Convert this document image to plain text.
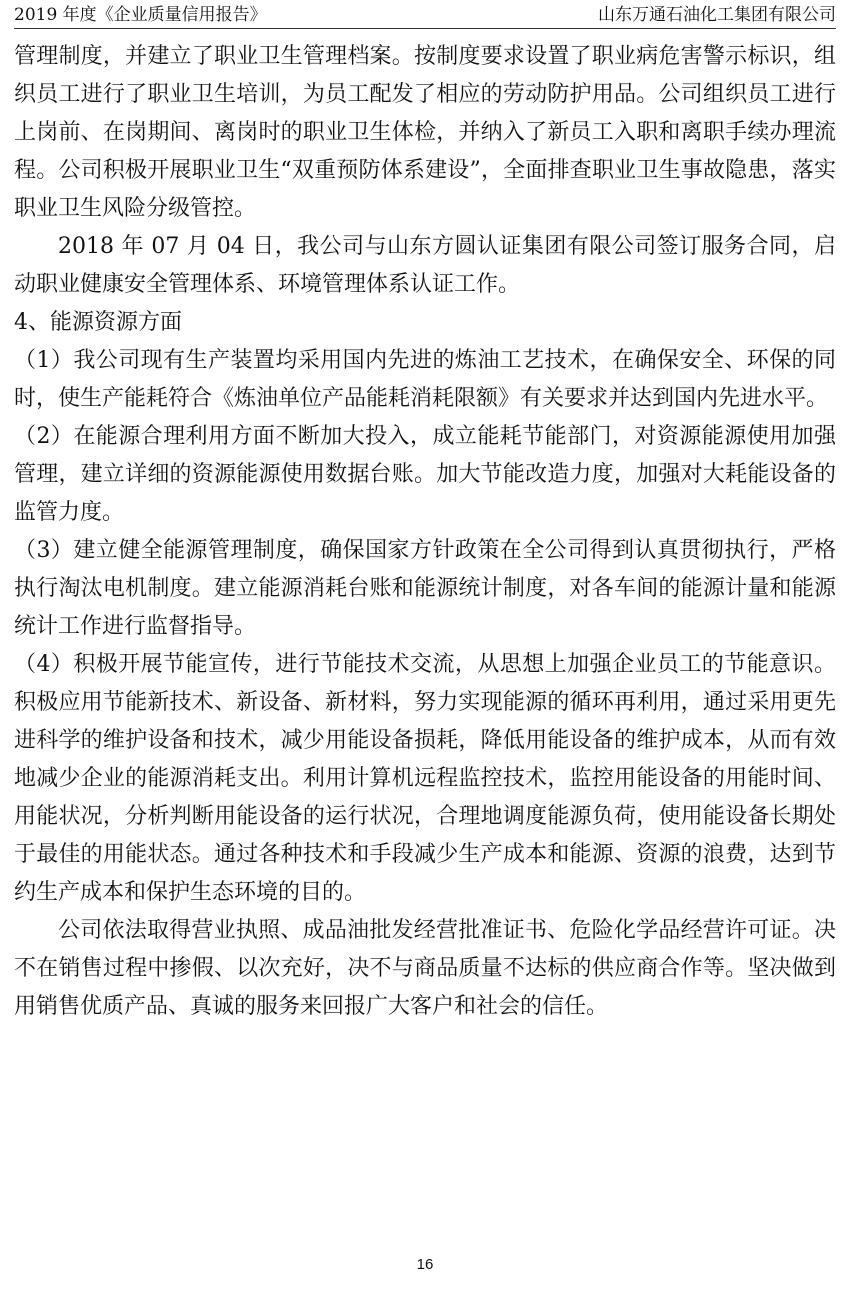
2019 年度《企业质量信用报告》	山东万通石油化工集团有限公司

管理制度，并建立了职业卫生管理档案。按制度要求设置了职业病危害警示标识，组织员工进行了职业卫生培训，为员工配发了相应的劳动防护用品。公司组织员工进行上岗前、在岗期间、离岗时的职业卫生体检，并纳入了新员工入职和离职手续办理流程。公司积极开展职业卫生“双重预防体系建设”，全面排查职业卫生事故隐患，落实职业卫生风险分级管控。

2018 年 07 月 04 日，我公司与山东方圆认证集团有限公司签订服务合同，启动职业健康安全管理体系、环境管理体系认证工作。

4、能源资源方面

（1）我公司现有生产装置均采用国内先进的炼油工艺技术，在确保安全、环保的同时，使生产能耗符合《炼油单位产品能耗消耗限额》有关要求并达到国内先进水平。

（2）在能源合理利用方面不断加大投入，成立能耗节能部门，对资源能源使用加强管理，建立详细的资源能源使用数据台账。加大节能改造力度，加强对大耗能设备的监管力度。

（3）建立健全能源管理制度，确保国家方针政策在全公司得到认真贯彻执行，严格执行淘汰电机制度。建立能源消耗台账和能源统计制度，对各车间的能源计量和能源统计工作进行监督指导。

（4）积极开展节能宣传，进行节能技术交流，从思想上加强企业员工的节能意识。积极应用节能新技术、新设备、新材料，努力实现能源的循环再利用，通过采用更先进科学的维护设备和技术，减少用能设备损耗，降低用能设备的维护成本，从而有效地减少企业的能源消耗支出。利用计算机远程监控技术，监控用能设备的用能时间、用能状况，分析判断用能设备的运行状况，合理地调度能源负荷，使用能设备长期处于最佳的用能状态。通过各种技术和手段减少生产成本和能源、资源的浪费，达到节约生产成本和保护生态环境的目的。

公司依法取得营业执照、成品油批发经营批准证书、危险化学品经营许可证。决不在销售过程中掺假、以次充好，决不与商品质量不达标的供应商合作等。坚决做到用销售优质产品、真诚的服务来回报广大客户和社会的信任。

16
